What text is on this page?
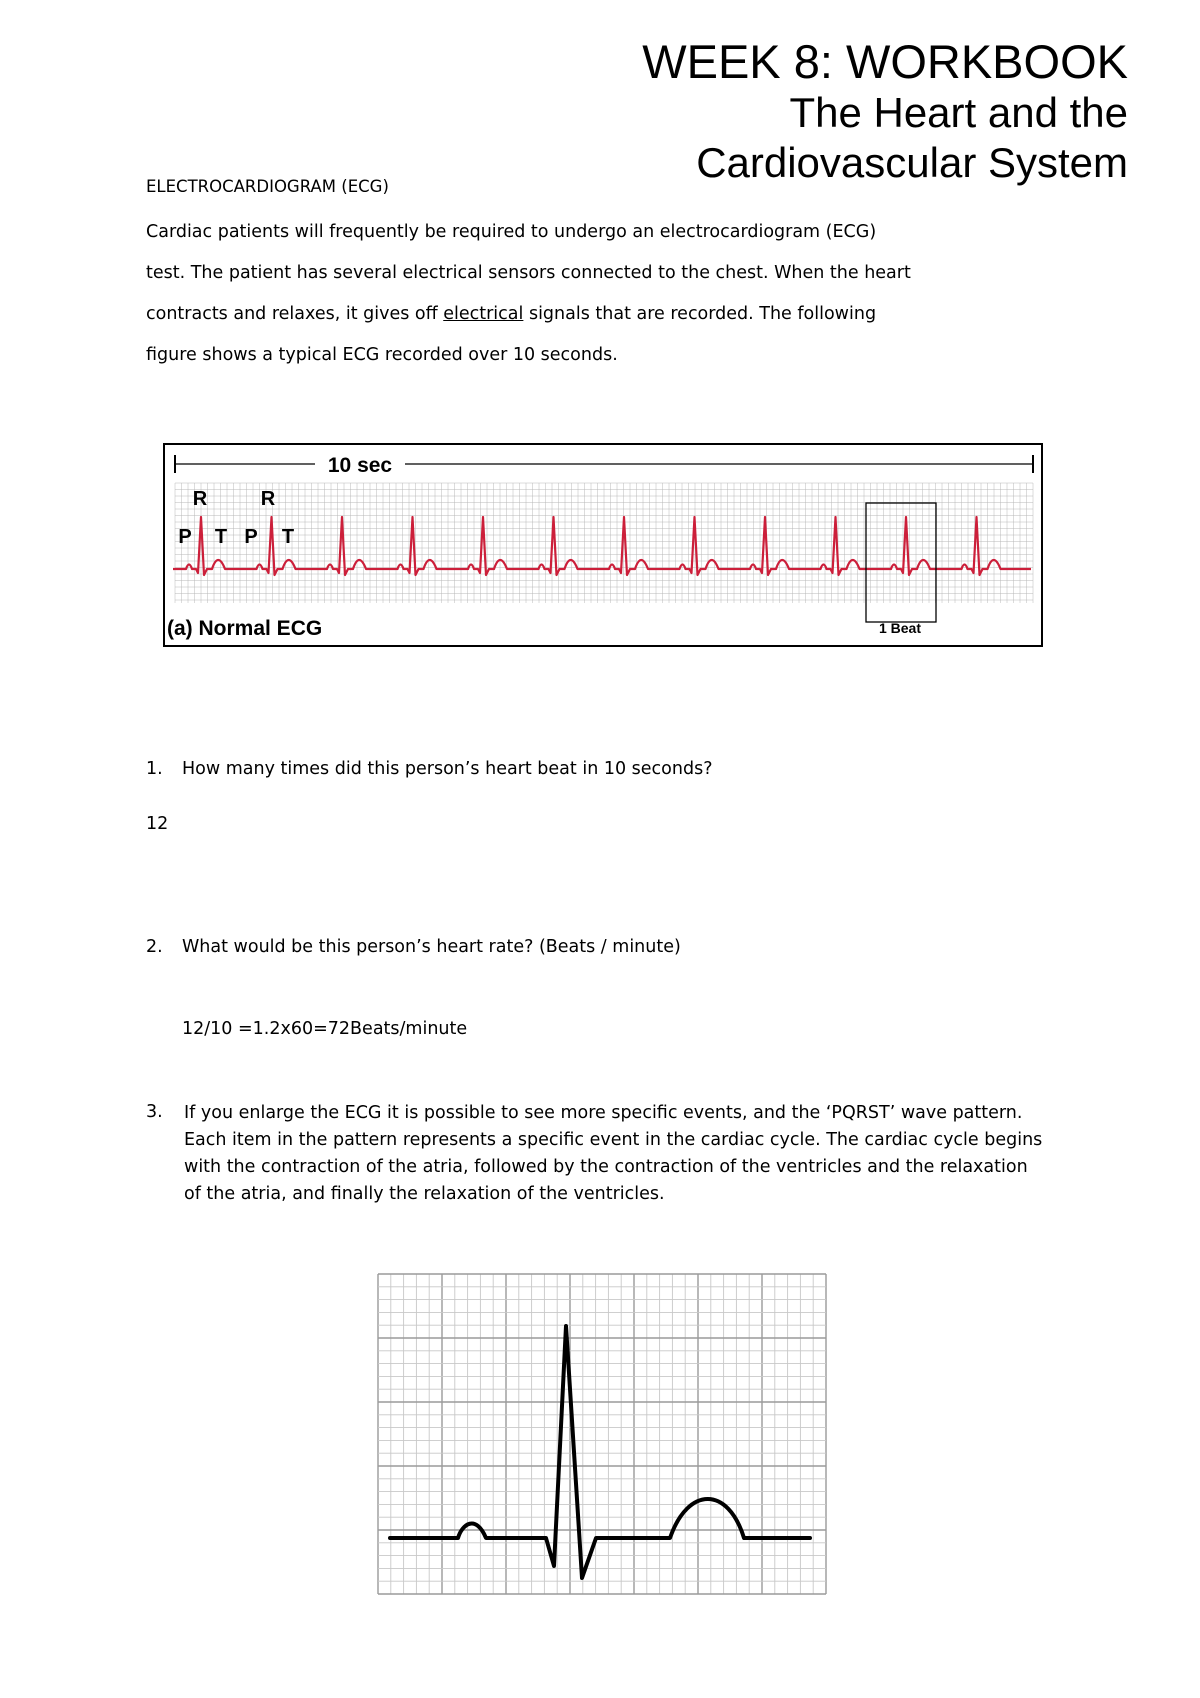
WEEK 8: WORKBOOK
The Heart and the
Cardiovascular System
ELECTROCARDIOGRAM (ECG)
Cardiac patients will frequently be required to undergo an electrocardiogram (ECG)
test. The patient has several electrical sensors connected to the chest. When the heart
contracts and relaxes, it gives off electrical signals that are recorded. The following
figure shows a typical ECG recorded over 10 seconds.
10 sec
R	R
P T P T
1 Beat
(a) Normal ECG
1. How many times did this person’s heart beat in 10 seconds?
12
2. What would be this person’s heart rate? (Beats / minute)
12/10 =1.2x60=72Beats/minute
3. If you enlarge the ECG it is possible to see more specific events, and the ‘PQRST’ wave pattern.
Each item in the pattern represents a specific event in the cardiac cycle. The cardiac cycle begins
with the contraction of the atria, followed by the contraction of the ventricles and the relaxation
of the atria, and finally the relaxation of the ventricles.
